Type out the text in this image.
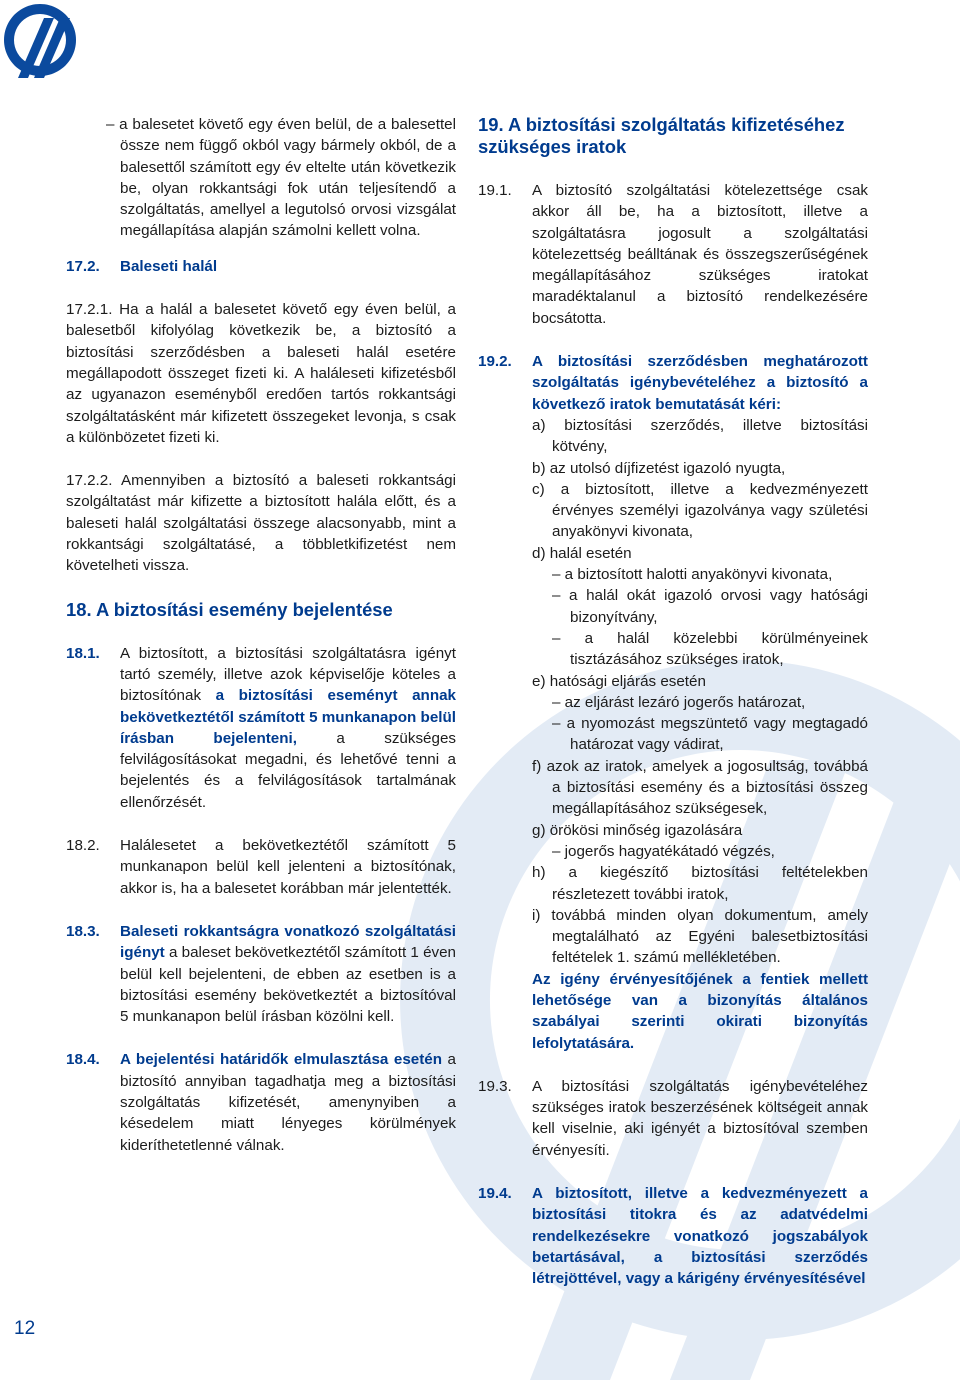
– a balesetet követő egy éven belül, de a balesettel össze nem függő okból vagy bármely okból, de a balesettől számított egy év eltelte után következik be, olyan rokkantsági fok után teljesítendő a szolgáltatás, amellyel a legutolsó orvosi vizsgálat megállapítása alapján számolni kellett volna.
17.2. Baleseti halál
17.2.1. Ha a halál a balesetet követő egy éven belül, a balesetből kifolyólag következik be, a biztosító a biztosítási szerződésben a baleseti halál esetére megállapodott összeget fizeti ki. A haláleseti kifizetésből az ugyanazon eseményből eredően tartós rokkantsági szolgáltatásként már kifizetett összegeket levonja, s csak a különbözetet fizeti ki.
17.2.2. Amennyiben a biztosító a baleseti rokkantsági szolgáltatást már kifizette a biztosított halála előtt, és a baleseti halál szolgáltatási összege alacsonyabb, mint a rokkantsági szolgáltatásé, a többletkifizetést nem követelheti vissza.
18. A biztosítási esemény bejelentése
18.1. A biztosított, a biztosítási szolgáltatásra igényt tartó személy, illetve azok képviselője köteles a biztosítónak a biztosítási eseményt annak bekövetkeztétől számított 5 munkanapon belül írásban bejelenteni, a szükséges felvilágosításokat megadni, és lehetővé tenni a bejelentés és a felvilágosítások tartalmának ellenőrzését.
18.2. Halálesetet a bekövetkeztétől számított 5 munkanapon belül kell jelenteni a biztosítónak, akkor is, ha a balesetet korábban már jelentették.
18.3. Baleseti rokkantságra vonatkozó szolgáltatási igényt a baleset bekövetkeztétől számított 1 éven belül kell bejelenteni, de ebben az esetben is a biztosítási esemény bekövetkeztét a biztosítóval 5 munkanapon belül írásban közölni kell.
18.4. A bejelentési határidők elmulasztása esetén a biztosító annyiban tagadhatja meg a biztosítási szolgáltatás kifizetését, amenynyiben a késedelem miatt lényeges körülmények kideríthetetlenné válnak.
19. A biztosítási szolgáltatás kifizetéséhez szükséges iratok
19.1. A biztosító szolgáltatási kötelezettsége csak akkor áll be, ha a biztosított, illetve a szolgáltatásra jogosult a szolgáltatási kötelezettség beálltának és összegszerűségének megállapításához szükséges iratokat maradéktalanul a biztosító rendelkezésére bocsátotta.
19.2. A biztosítási szerződésben meghatározott szolgáltatás igénybevételéhez a biztosító a következő iratok bemutatását kéri:
a) biztosítási szerződés, illetve biztosítási kötvény,
b) az utolsó díjfizetést igazoló nyugta,
c) a biztosított, illetve a kedvezményezett érvényes személyi igazolványa vagy születési anyakönyvi kivonata,
d) halál esetén
– a biztosított halotti anyakönyvi kivonata,
– a halál okát igazoló orvosi vagy hatósági bizonyítvány,
– a halál közelebbi körülményeinek tisztázásához szükséges iratok,
e) hatósági eljárás esetén
– az eljárást lezáró jogerős határozat,
– a nyomozást megszüntető vagy megtagadó határozat vagy vádirat,
f) azok az iratok, amelyek a jogosultság, továbbá a biztosítási esemény és a biztosítási összeg megállapításához szükségesek,
g) örökösi minőség igazolására
– jogerős hagyatékátadó végzés,
h) a kiegészítő biztosítási feltételekben részletezett további iratok,
i) továbbá minden olyan dokumentum, amely megtalálható az Egyéni balesetbiztosítási feltételek 1. számú mellékletében.
Az igény érvényesítőjének a fentiek mellett lehetősége van a bizonyítás általános szabályai szerinti okirati bizonyítás lefolytatására.
19.3. A biztosítási szolgáltatás igénybevételéhez szükséges iratok beszerzésének költségeit annak kell viselnie, aki igényét a biztosítóval szemben érvényesíti.
19.4. A biztosított, illetve a kedvezményezett a biztosítási titokra és az adatvédelmi rendelkezésekre vonatkozó jogszabályok betartásával, a biztosítási szerződés létrejöttével, vagy a kárigény érvényesítésével
12
